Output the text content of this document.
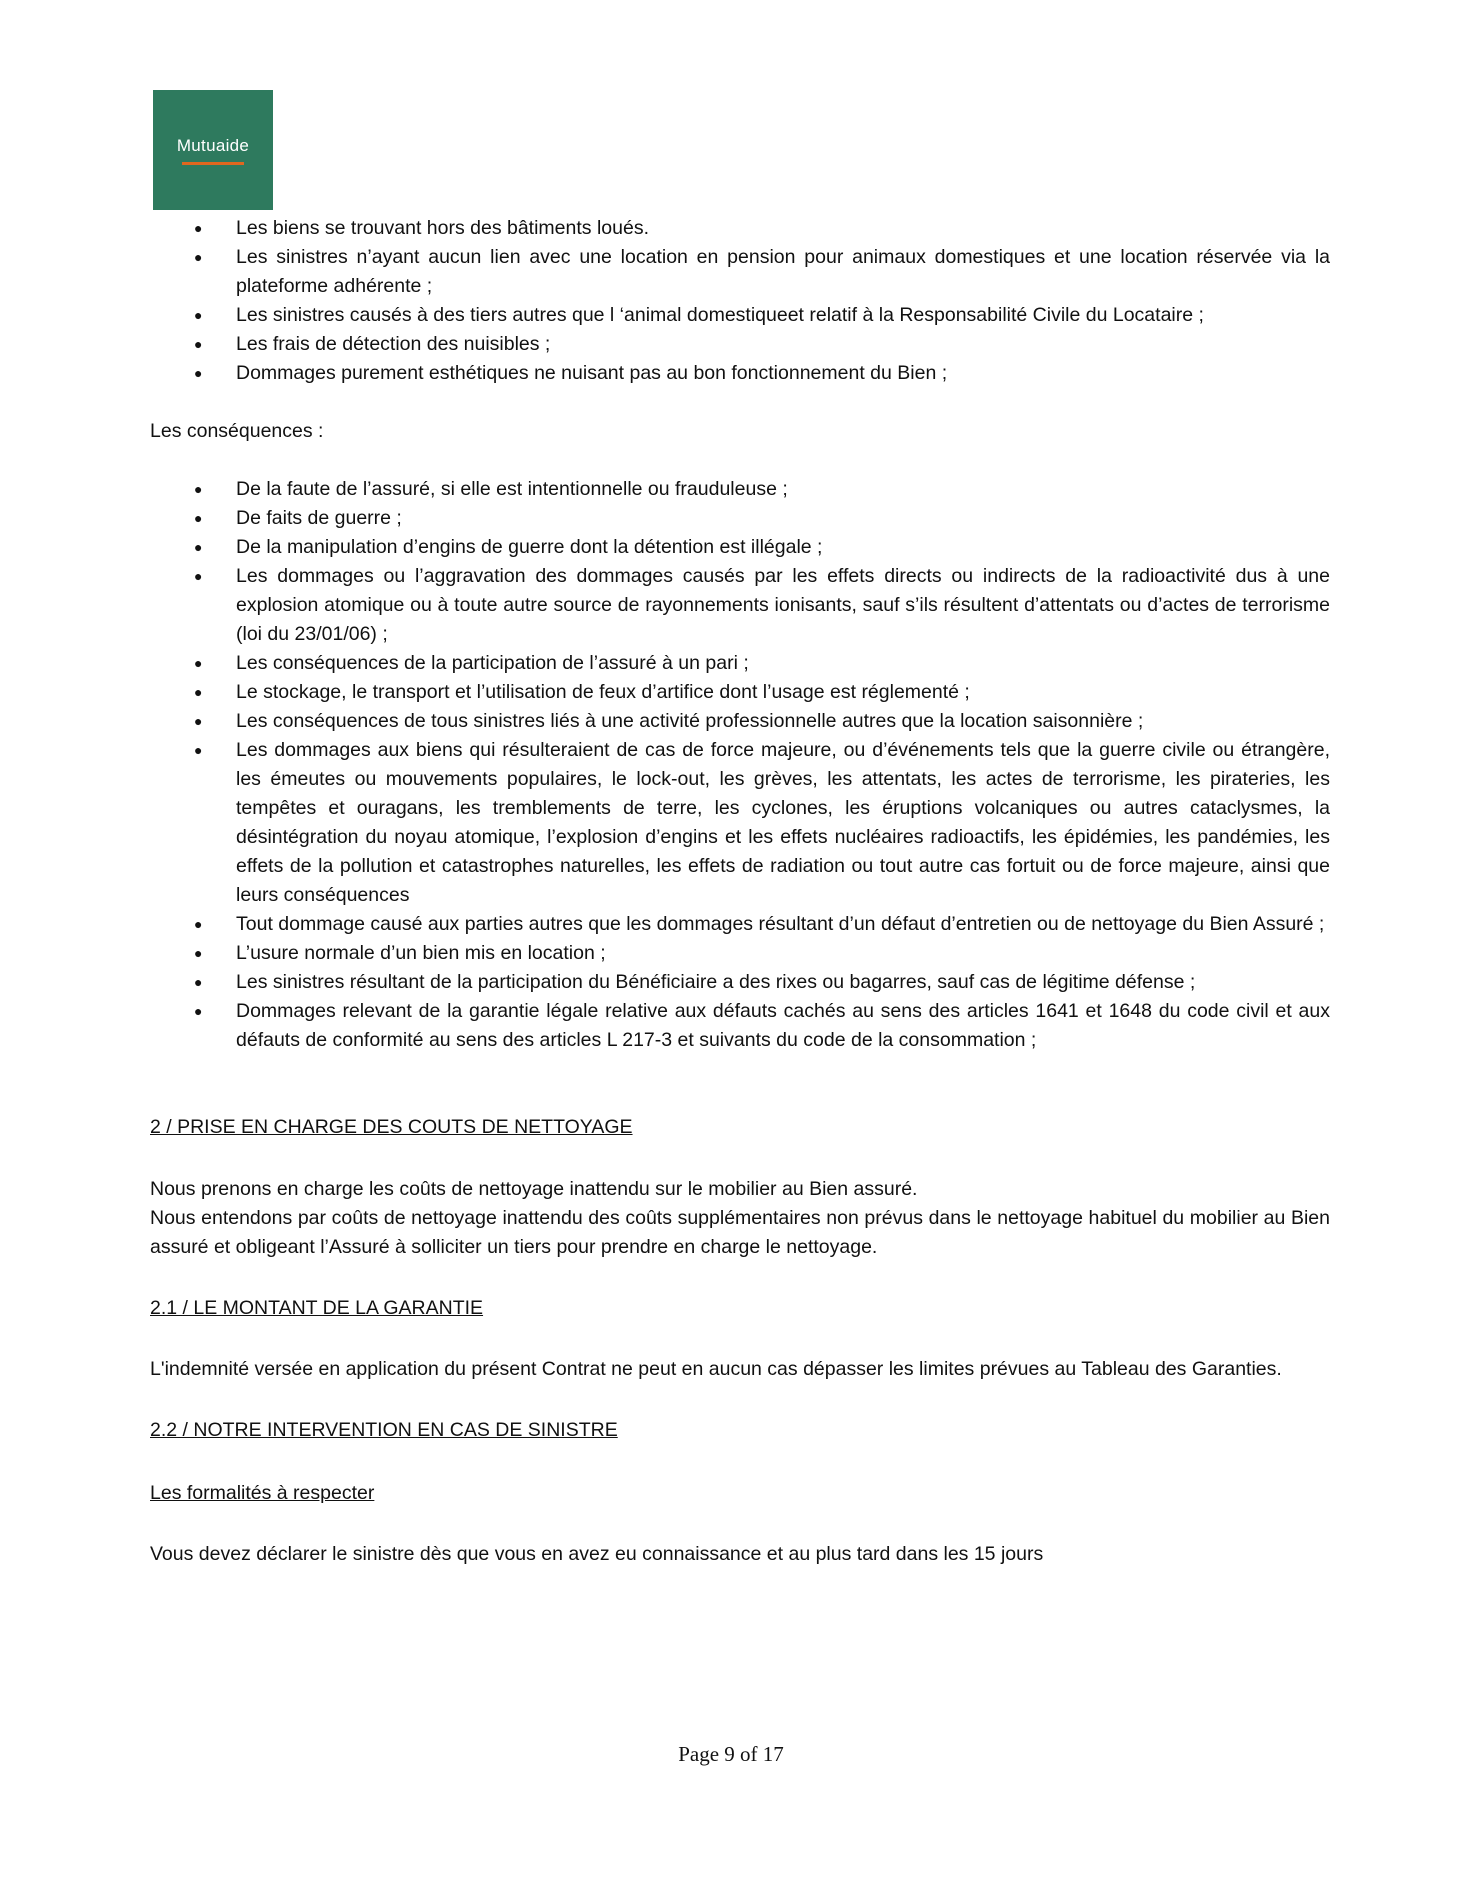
Mutuaide
● Les biens se trouvant hors des bâtiments loués.
● Les sinistres n’ayant aucun lien avec une location en pension pour animaux domestiques et une location réservée via la plateforme adhérente ;
● Les sinistres causés à des tiers autres que l ‘animal domestiqueet relatif à la Responsabilité Civile du Locataire ;
● Les frais de détection des nuisibles ;
● Dommages purement esthétiques ne nuisant pas au bon fonctionnement du Bien ;

Les conséquences :

● De la faute de l’assuré, si elle est intentionnelle ou frauduleuse ;
● De faits de guerre ;
● De la manipulation d’engins de guerre dont la détention est illégale ;
● Les dommages ou l’aggravation des dommages causés par les effets directs ou indirects de la radioactivité dus à une explosion atomique ou à toute autre source de rayonnements ionisants, sauf s’ils résultent d’attentats ou d’actes de terrorisme (loi du 23/01/06) ;
● Les conséquences de la participation de l’assuré à un pari ;
● Le stockage, le transport et l’utilisation de feux d’artifice dont l’usage est réglementé ;
● Les conséquences de tous sinistres liés à une activité professionnelle autres que la location saisonnière ;
● Les dommages aux biens qui résulteraient de cas de force majeure, ou d’événements tels que la guerre civile ou étrangère, les émeutes ou mouvements populaires, le lock-out, les grèves, les attentats, les actes de terrorisme, les pirateries, les tempêtes et ouragans, les tremblements de terre, les cyclones, les éruptions volcaniques ou autres cataclysmes, la désintégration du noyau atomique, l’explosion d’engins et les effets nucléaires radioactifs, les épidémies, les pandémies, les effets de la pollution et catastrophes naturelles, les effets de radiation ou tout autre cas fortuit ou de force majeure, ainsi que leurs conséquences
● Tout dommage causé aux parties autres que les dommages résultant d’un défaut d’entretien ou de nettoyage du Bien Assuré ;
● L’usure normale d’un bien mis en location ;
● Les sinistres résultant de la participation du Bénéficiaire a des rixes ou bagarres, sauf cas de légitime défense ;
● Dommages relevant de la garantie légale relative aux défauts cachés au sens des articles 1641 et 1648 du code civil et aux défauts de conformité au sens des articles L 217-3 et suivants du code de la consommation ;
2 / PRISE EN CHARGE DES COUTS DE NETTOYAGE

Nous prenons en charge les coûts de nettoyage inattendu sur le mobilier au Bien assuré.

Nous entendons par coûts de nettoyage inattendu des coûts supplémentaires non prévus dans le nettoyage habituel du mobilier au Bien assuré et obligeant l’Assuré à solliciter un tiers pour prendre en charge le nettoyage.

2.1 / LE MONTANT DE LA GARANTIE

L'indemnité versée en application du présent Contrat ne peut en aucun cas dépasser les limites prévues au Tableau des Garanties.

2.2 / NOTRE INTERVENTION EN CAS DE SINISTRE
Les formalités à respecter

Vous devez déclarer le sinistre dès que vous en avez eu connaissance et au plus tard dans les 15 jours

Page 9 of 17
